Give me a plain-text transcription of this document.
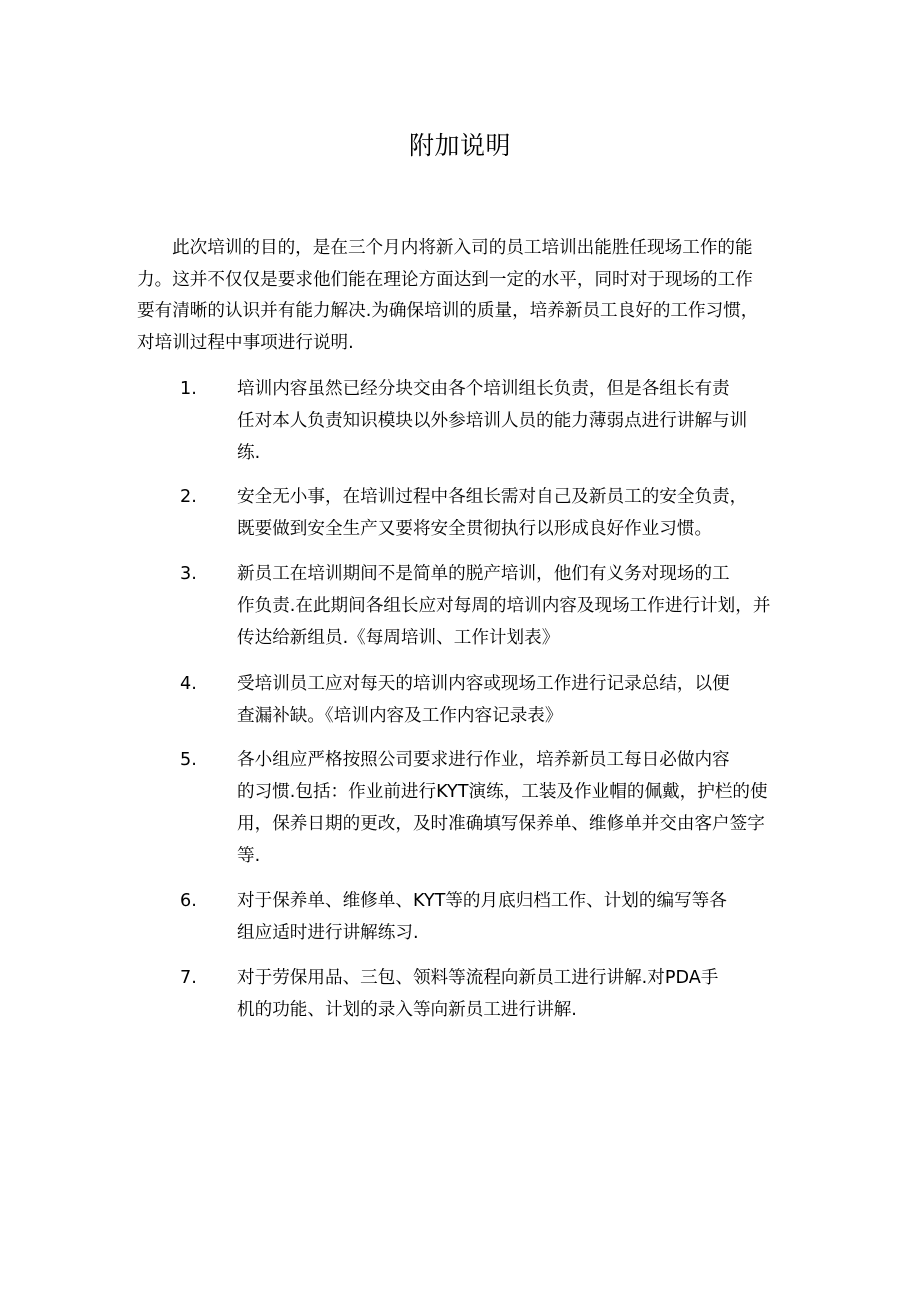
附加说明
此次培训的目的，是在三个月内将新入司的员工培训出能胜任现场工作的能
力。这并不仅仅是要求他们能在理论方面达到一定的水平，同时对于现场的工作
要有清晰的认识并有能力解决.为确保培训的质量，培养新员工良好的工作习惯，
对培训过程中事项进行说明.
1. 培训内容虽然已经分块交由各个培训组长负责，但是各组长有责
任对本人负责知识模块以外参培训人员的能力薄弱点进行讲解与训
练.
2. 安全无小事，在培训过程中各组长需对自己及新员工的安全负责，
既要做到安全生产又要将安全贯彻执行以形成良好作业习惯。
3. 新员工在培训期间不是简单的脱产培训，他们有义务对现场的工
作负责.在此期间各组长应对每周的培训内容及现场工作进行计划，并
传达给新组员.《每周培训、工作计划表》
4. 受培训员工应对每天的培训内容或现场工作进行记录总结，以便
查漏补缺。《培训内容及工作内容记录表》
5. 各小组应严格按照公司要求进行作业，培养新员工每日必做内容
的习惯.包括：作业前进行KYT演练，工装及作业帽的佩戴，护栏的使
用，保养日期的更改，及时准确填写保养单、维修单并交由客户签字
等.
6. 对于保养单、维修单、KYT等的月底归档工作、计划的编写等各
组应适时进行讲解练习.
7. 对于劳保用品、三包、领料等流程向新员工进行讲解.对PDA手
机的功能、计划的录入等向新员工进行讲解.
